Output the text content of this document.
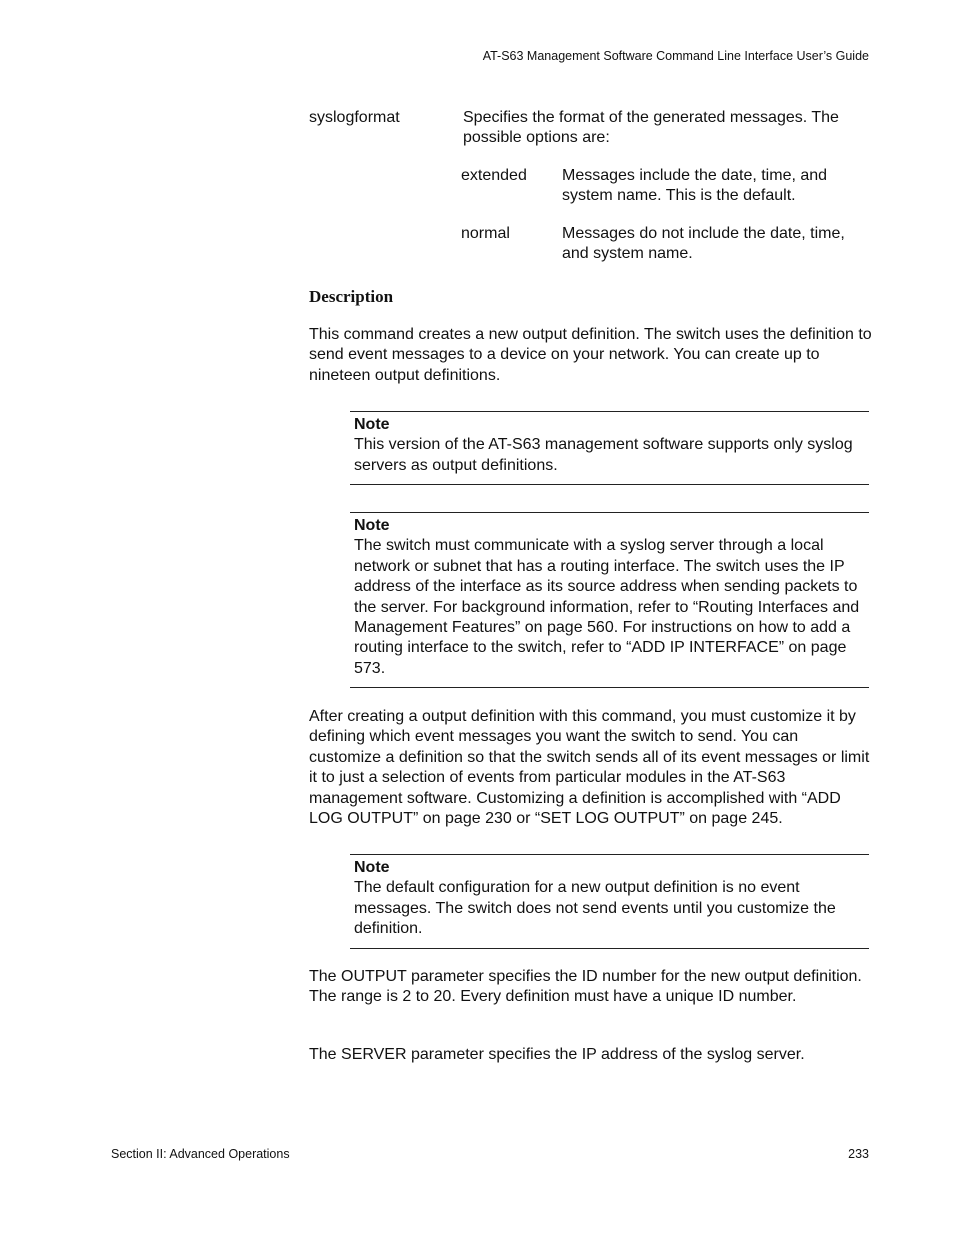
AT-S63 Management Software Command Line Interface User’s Guide
syslogformat	Specifies the format of the generated messages. The possible options are:
extended Messages include the date, time, and system name. This is the default.
normal	Messages do not include the date, time, and system name.
Description
This command creates a new output definition. The switch uses the definition to send event messages to a device on your network. You can create up to nineteen output definitions.
Note
This version of the AT-S63 management software supports only syslog servers as output definitions.
Note
The switch must communicate with a syslog server through a local network or subnet that has a routing interface. The switch uses the IP address of the interface as its source address when sending packets to the server. For background information, refer to “Routing Interfaces and Management Features” on page 560. For instructions on how to add a routing interface to the switch, refer to “ADD IP INTERFACE” on page 573.
After creating a output definition with this command, you must customize it by defining which event messages you want the switch to send. You can customize a definition so that the switch sends all of its event messages or limit it to just a selection of events from particular modules in the AT-S63 management software. Customizing a definition is accomplished with “ADD LOG OUTPUT” on page 230 or “SET LOG OUTPUT” on page 245.
Note
The default configuration for a new output definition is no event messages. The switch does not send events until you customize the definition.
The OUTPUT parameter specifies the ID number for the new output definition. The range is 2 to 20. Every definition must have a unique ID number.
The SERVER parameter specifies the IP address of the syslog server.
Section II: Advanced Operations	233
